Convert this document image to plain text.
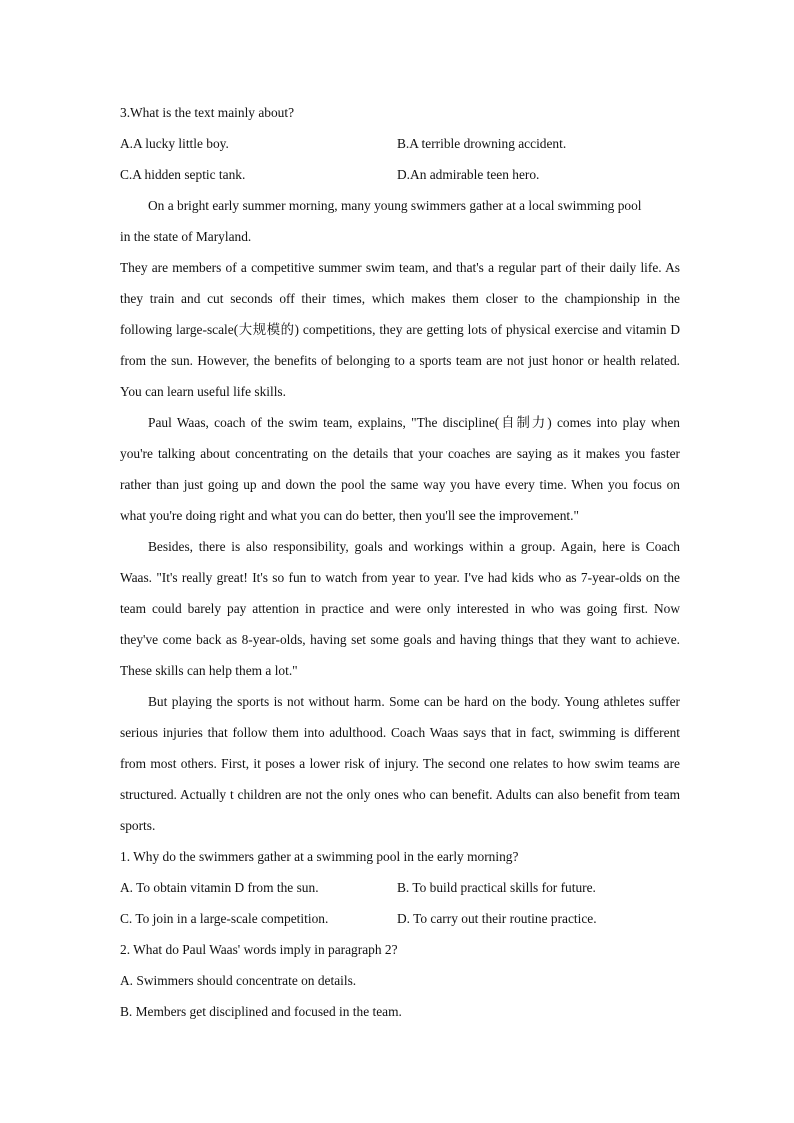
3.What is the text mainly about?

A.A lucky little boy.	B.A terrible drowning accident.
C.A hidden septic tank.	D.An admirable teen hero.

On a bright early summer morning, many young swimmers gather at a local swimming pool

in the state of Maryland.

They are members of a competitive summer swim team, and that's a regular part of their daily life. As they train and cut seconds off their times, which makes them closer to the championship in the following large-scale(大规模的) competitions, they are getting lots of physical exercise and vitamin D from the sun. However, the benefits of belonging to a sports team are not just honor or health related. You can learn useful life skills.

Paul Waas, coach of the swim team, explains, "The discipline(自制力) comes into play when you're talking about concentrating on the details that your coaches are saying as it makes you faster rather than just going up and down the pool the same way you have every time. When you focus on what you're doing right and what you can do better, then you'll see the improvement."

Besides, there is also responsibility, goals and workings within a group. Again, here is Coach Waas. "It's really great! It's so fun to watch from year to year. I've had kids who as 7-year-olds on the team could barely pay attention in practice and were only interested in who was going first. Now they've come back as 8-year-olds, having set some goals and having things that they want to achieve. These skills can help them a lot."

But playing the sports is not without harm. Some can be hard on the body. Young athletes suffer serious injuries that follow them into adulthood. Coach Waas says that in fact, swimming is different from most others. First, it poses a lower risk of injury. The second one relates to how swim teams are structured. Actually t children are not the only ones who can benefit. Adults can also benefit from team sports.

1. Why do the swimmers gather at a swimming pool in the early morning?

A. To obtain vitamin D from the sun.	B. To build practical skills for future.
C. To join in a large-scale competition.	D. To carry out their routine practice.

2. What do Paul Waas' words imply in paragraph 2?

A. Swimmers should concentrate on details.

B. Members get disciplined and focused in the team.
